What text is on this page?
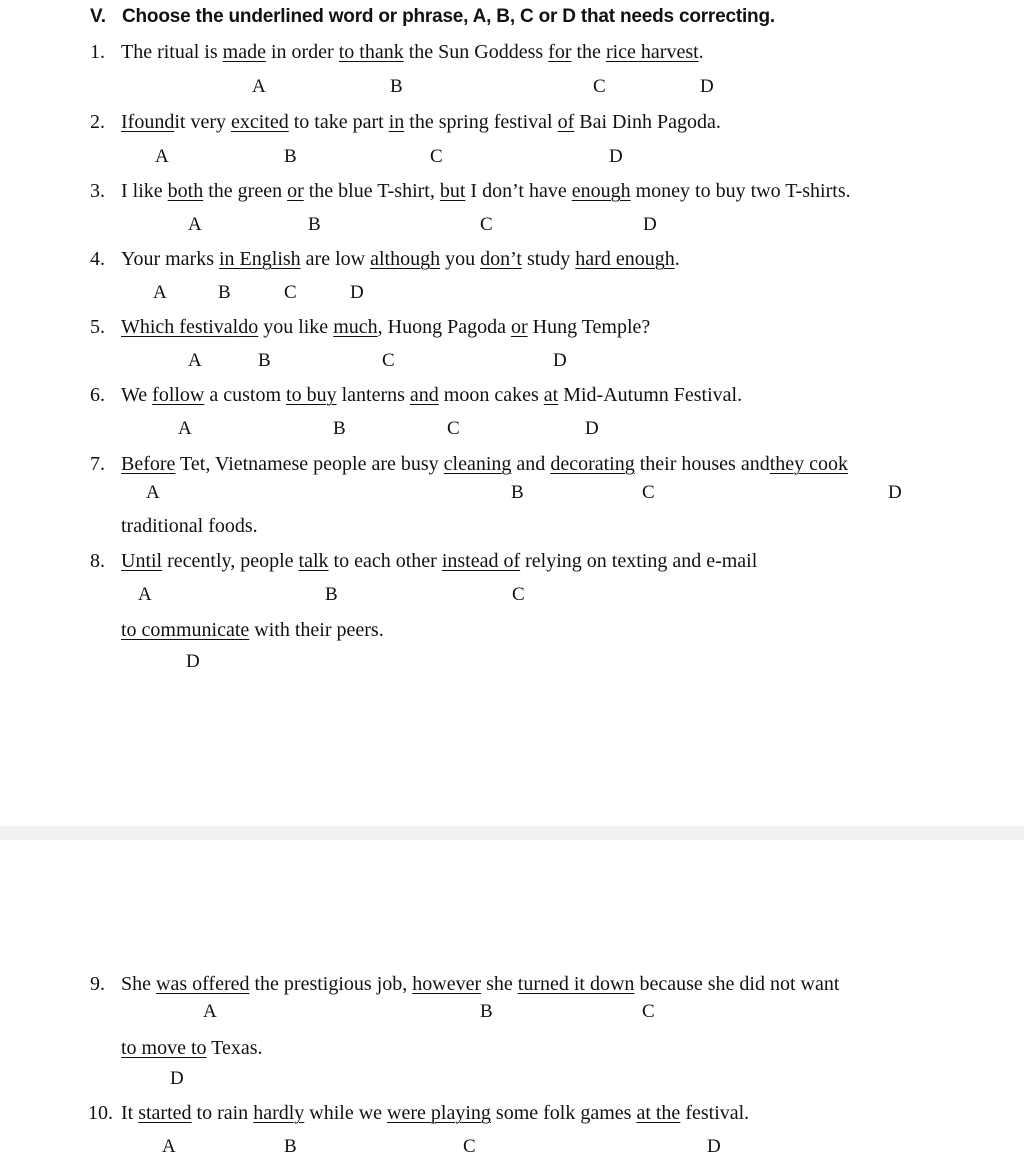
V. Choose the underlined word or phrase, A, B, C or D that needs correcting.
1. The ritual is made in order to thank the Sun Goddess for the rice harvest.
A	B	C	D
2. Ifoundit very excited to take part in the spring festival of Bai Dinh Pagoda.
A	B	C	D
3. I like both the green or the blue T-shirt, but I don’t have enough money to buy two T-shirts.
A	B	C	D
4. Your marks in English are low although you don’t study hard enough.
A	B	C	D
5. Which festivaldo you like much, Huong Pagoda or Hung Temple?
A	B	C	D
6. We follow a custom to buy lanterns and moon cakes at Mid-Autumn Festival.
A	B	C	D
7. Before Tet, Vietnamese people are busy cleaning and decorating their houses andthey cook
A	B	C	D
traditional foods.
8. Until recently, people talk to each other instead of relying on texting and e-mail
A	B	C
to communicate with their peers.
D
9. She was offered the prestigious job, however she turned it down because she did not want
A	B	C
to move to Texas.
D
10. It started to rain hardly while we were playing some folk games at the festival.
A	B	C	D
